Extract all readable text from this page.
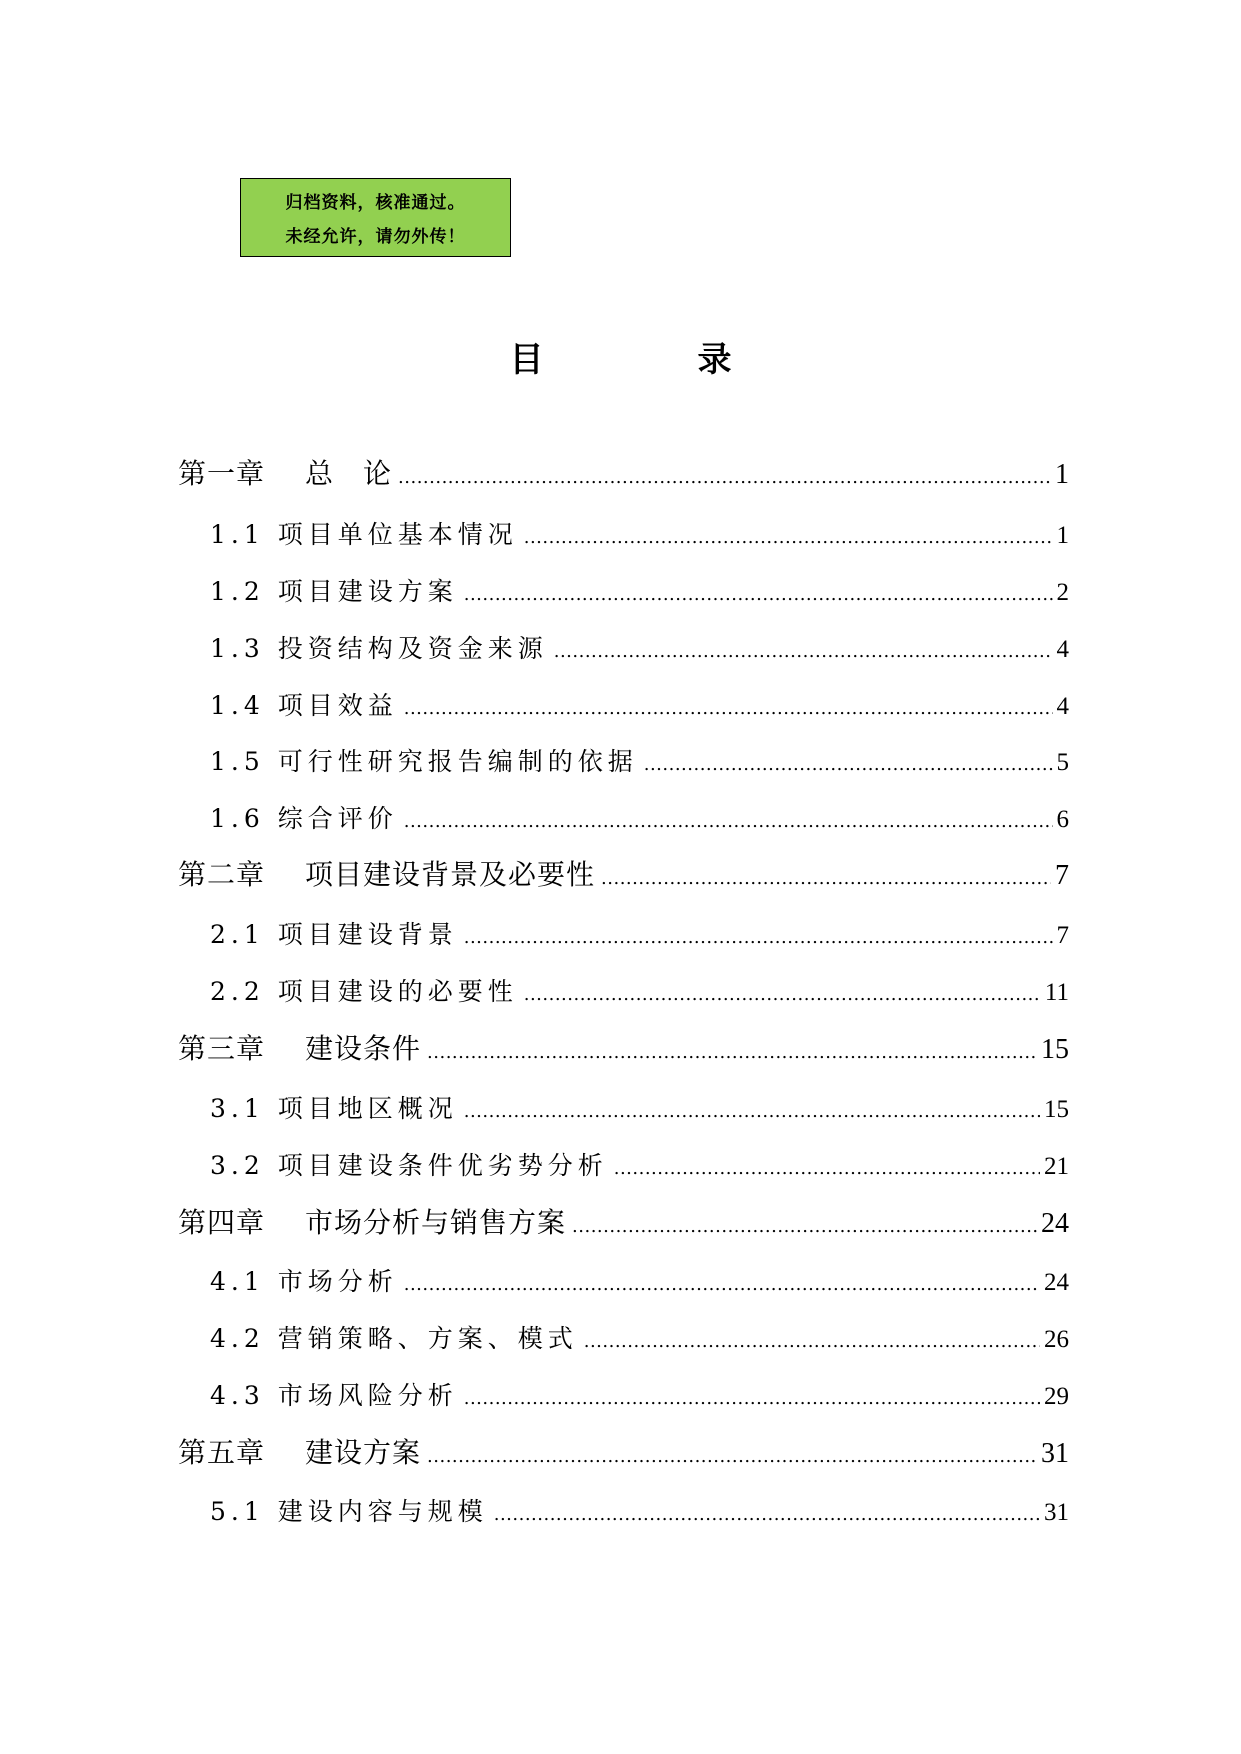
归档资料，核准通过。
未经允许，请勿外传！
目　录
第一章 总　论 .....	1
1.1 项目单位基本情况 .....	1
1.2 项目建设方案 .....	2
1.3 投资结构及资金来源 .....	4
1.4 项目效益 .....	4
1.5 可行性研究报告编制的依据 .....	5
1.6 综合评价 .....	6
第二章 项目建设背景及必要性 .....	7
2.1 项目建设背景 .....	7
2.2 项目建设的必要性 .....	11
第三章 建设条件 .....	15
3.1 项目地区概况 .....	15
3.2 项目建设条件优劣势分析 .....	21
第四章 市场分析与销售方案 .....	24
4.1 市场分析 .....	24
4.2 营销策略、方案、模式 .....	26
4.3 市场风险分析 .....	29
第五章 建设方案 .....	31
5.1 建设内容与规模 .....	31
